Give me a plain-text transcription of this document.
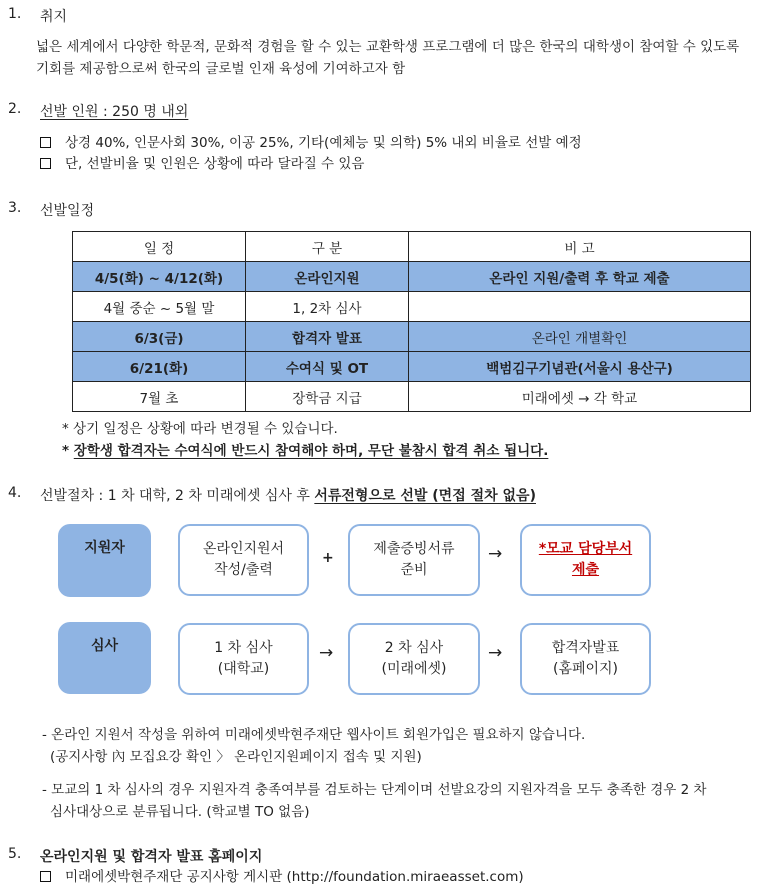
1. 취지
넓은 세계에서 다양한 학문적, 문화적 경험을 할 수 있는 교환학생 프로그램에 더 많은 한국의 대학생이 참여할 수 있도록
기회를 제공함으로써 한국의 글로벌 인재 육성에 기여하고자 함
2. 선발 인원 : 250 명 내외
상경 40%, 인문사회 30%, 이공 25%, 기타(예체능 및 의학) 5% 내외 비율로 선발 예정
단, 선발비율 및 인원은 상황에 따라 달라질 수 있음
3. 선발일정
일 정	구 분	비 고
4/5(화) ~ 4/12(화)	온라인지원	온라인 지원/출력 후 학교 제출
4월 중순 ~ 5월 말	1, 2차 심사	
6/3(금)	합격자 발표	온라인 개별확인
6/21(화)	수여식 및 OT	백범김구기념관(서울시 용산구)
7월 초	장학금 지급	미래에셋 → 각 학교
* 상기 일정은 상황에 따라 변경될 수 있습니다.
* 장학생 합격자는 수여식에 반드시 참여해야 하며, 무단 불참시 합격 취소 됩니다.
4. 선발절차 : 1 차 대학, 2 차 미래에셋 심사 후 서류전형으로 선발 (면접 절차 없음)
지원자	온라인지원서
작성/출력
+
제출증빙서류
준비
→	*모교 담당부서
제출
심사	1 차 심사
(대학교)
→	2 차 심사
(미래에셋)
→	합격자발표
(홈페이지)
- 온라인 지원서 작성을 위하여 미래에셋박현주재단 웹사이트 회원가입은 필요하지 않습니다.
(공지사항 內 모집요강 확인 〉 온라인지원페이지 접속 및 지원)
- 모교의 1 차 심사의 경우 지원자격 충족여부를 검토하는 단계이며 선발요강의 지원자격을 모두 충족한 경우 2 차
심사대상으로 분류됩니다. (학교별 TO 없음)
5. 온라인지원 및 합격자 발표 홈페이지
미래에셋박현주재단 공지사항 게시판 (http://foundation.miraeasset.com)
